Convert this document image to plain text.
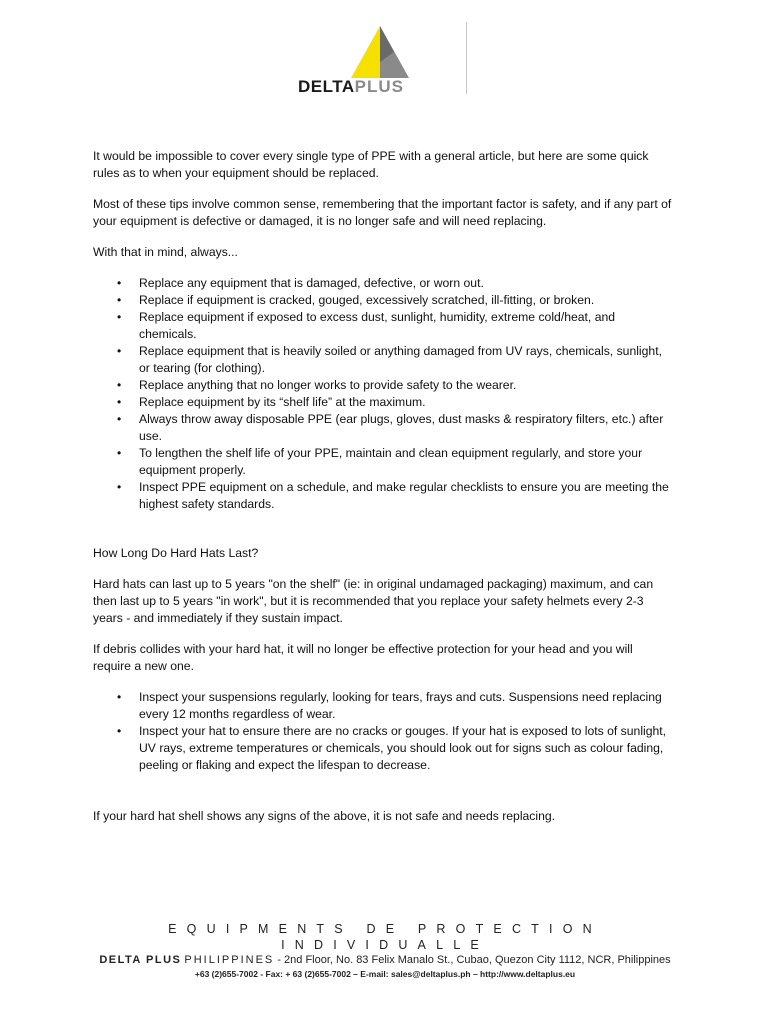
DELTAPLUS

It would be impossible to cover every single type of PPE with a general article, but here are some quick rules as to when your equipment should be replaced.

Most of these tips involve common sense, remembering that the important factor is safety, and if any part of your equipment is defective or damaged, it is no longer safe and will need replacing.

With that in mind, always...

• Replace any equipment that is damaged, defective, or worn out.
• Replace if equipment is cracked, gouged, excessively scratched, ill-fitting, or broken.
• Replace equipment if exposed to excess dust, sunlight, humidity, extreme cold/heat, and chemicals.
• Replace equipment that is heavily soiled or anything damaged from UV rays, chemicals, sunlight, or tearing (for clothing).
• Replace anything that no longer works to provide safety to the wearer.
• Replace equipment by its “shelf life” at the maximum.
• Always throw away disposable PPE (ear plugs, gloves, dust masks & respiratory filters, etc.) after use.
• To lengthen the shelf life of your PPE, maintain and clean equipment regularly, and store your equipment properly.
• Inspect PPE equipment on a schedule, and make regular checklists to ensure you are meeting the highest safety standards.

How Long Do Hard Hats Last?

Hard hats can last up to 5 years "on the shelf" (ie: in original undamaged packaging) maximum, and can then last up to 5 years "in work", but it is recommended that you replace your safety helmets every 2-3 years - and immediately if they sustain impact.

If debris collides with your hard hat, it will no longer be effective protection for your head and you will require a new one.

• Inspect your suspensions regularly, looking for tears, frays and cuts. Suspensions need replacing every 12 months regardless of wear.
• Inspect your hat to ensure there are no cracks or gouges. If your hat is exposed to lots of sunlight, UV rays, extreme temperatures or chemicals, you should look out for signs such as colour fading, peeling or flaking and expect the lifespan to decrease.

If your hard hat shell shows any signs of the above, it is not safe and needs replacing.

EQUIPMENTS DE PROTECTION INDIVIDUALLE
DELTA PLUS PHILIPPINES - 2nd Floor, No. 83 Felix Manalo St., Cubao, Quezon City 1112, NCR, Philippines
+63 (2)655-7002 - Fax: + 63 (2)655-7002 – E-mail: sales@deltaplus.ph – http://www.deltaplus.eu
